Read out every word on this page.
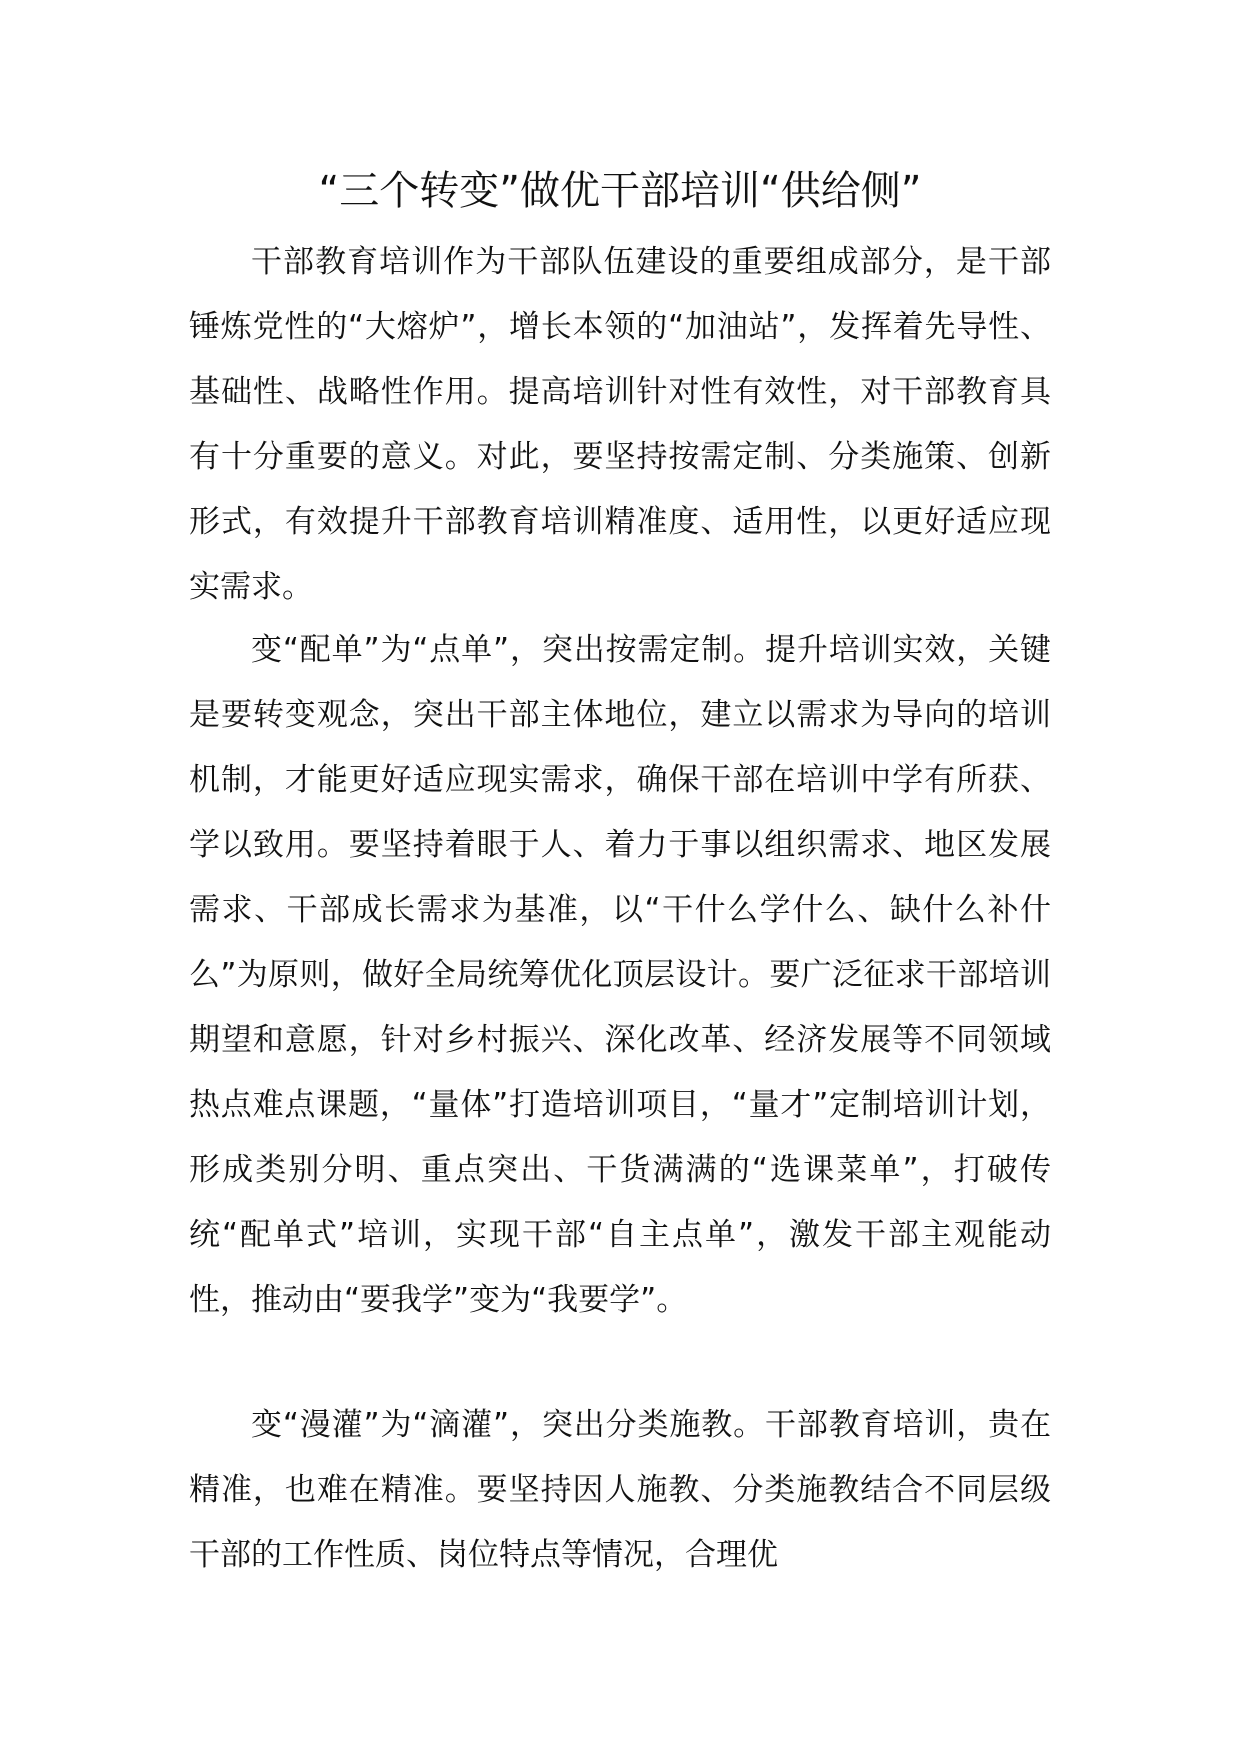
“三个转变”做优干部培训“供给侧”

干部教育培训作为干部队伍建设的重要组成部分，是干部锤炼党性的“大熔炉”，增长本领的“加油站”，发挥着先导性、基础性、战略性作用。提高培训针对性有效性，对干部教育具有十分重要的意义。对此，要坚持按需定制、分类施策、创新形式，有效提升干部教育培训精准度、适用性，以更好适应现实需求。

变“配单”为“点单”，突出按需定制。提升培训实效，关键是要转变观念，突出干部主体地位，建立以需求为导向的培训机制，才能更好适应现实需求，确保干部在培训中学有所获、学以致用。要坚持着眼于人、着力于事以组织需求、地区发展需求、干部成长需求为基准，以“干什么学什么、缺什么补什么”为原则，做好全局统筹优化顶层设计。要广泛征求干部培训期望和意愿，针对乡村振兴、深化改革、经济发展等不同领域热点难点课题，“量体”打造培训项目，“量才”定制培训计划，形成类别分明、重点突出、干货满满的“选课菜单”，打破传统“配单式”培训，实现干部“自主点单”，激发干部主观能动性，推动由“要我学”变为“我要学”。

变“漫灌”为“滴灌”，突出分类施教。干部教育培训，贵在精准，也难在精准。要坚持因人施教、分类施教结合不同层级干部的工作性质、岗位特点等情况，合理优
